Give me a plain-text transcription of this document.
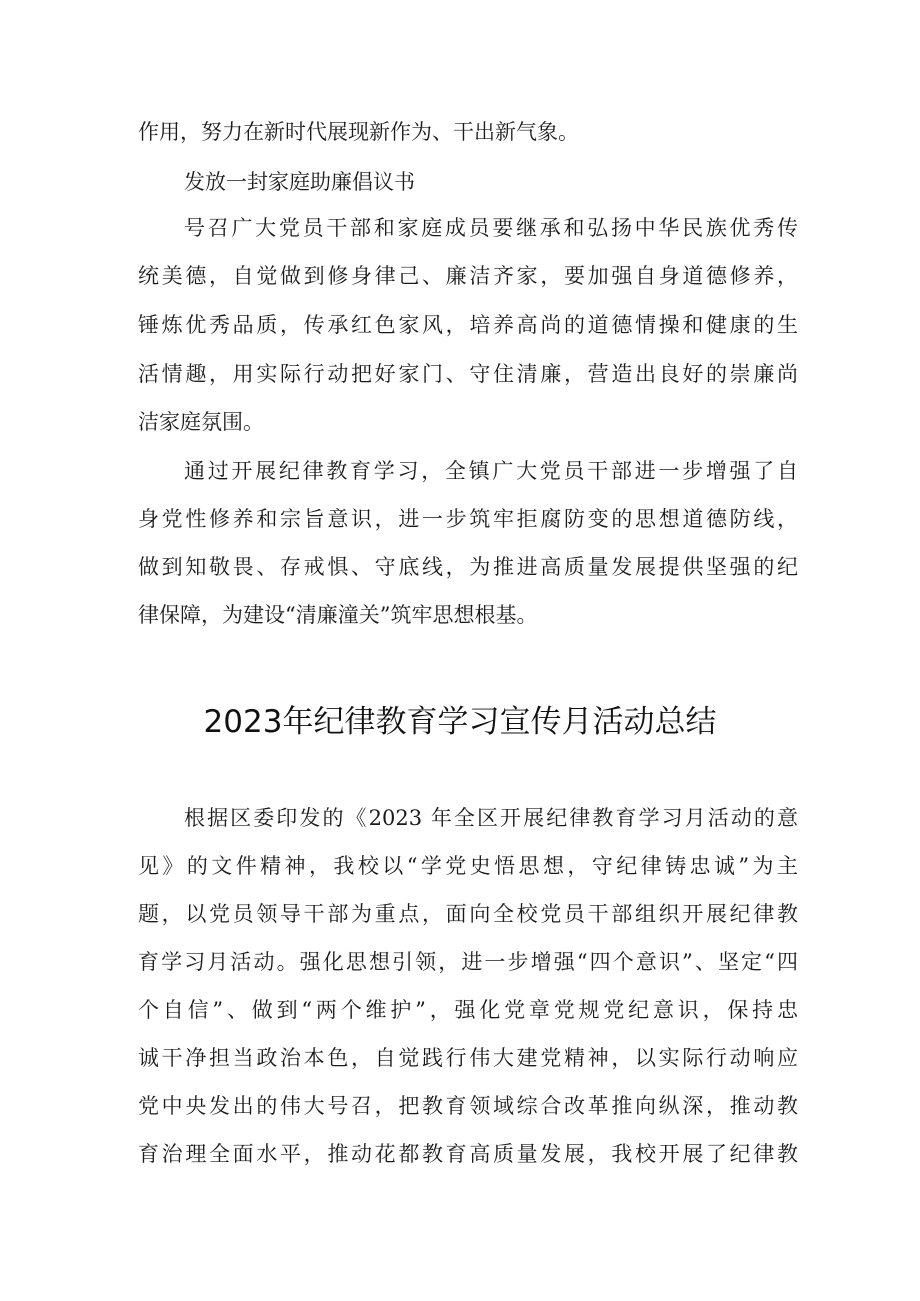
作用，努力在新时代展现新作为、干出新气象。
发放一封家庭助廉倡议书
号召广大党员干部和家庭成员要继承和弘扬中华民族优秀传
统美德，自觉做到修身律己、廉洁齐家，要加强自身道德修养，
锤炼优秀品质，传承红色家风，培养高尚的道德情操和健康的生
活情趣，用实际行动把好家门、守住清廉，营造出良好的崇廉尚
洁家庭氛围。
通过开展纪律教育学习，全镇广大党员干部进一步增强了自
身党性修养和宗旨意识，进一步筑牢拒腐防变的思想道德防线，
做到知敬畏、存戒惧、守底线，为推进高质量发展提供坚强的纪
律保障，为建设“清廉潼关”筑牢思想根基。
2023年纪律教育学习宣传月活动总结
根据区委印发的《2023 年全区开展纪律教育学习月活动的意
见》的文件精神，我校以“学党史悟思想，守纪律铸忠诚”为主
题，以党员领导干部为重点，面向全校党员干部组织开展纪律教
育学习月活动。强化思想引领，进一步增强“四个意识”、坚定“四
个自信”、做到“两个维护”，强化党章党规党纪意识，保持忠
诚干净担当政治本色，自觉践行伟大建党精神，以实际行动响应
党中央发出的伟大号召，把教育领域综合改革推向纵深，推动教
育治理全面水平，推动花都教育高质量发展，我校开展了纪律教
